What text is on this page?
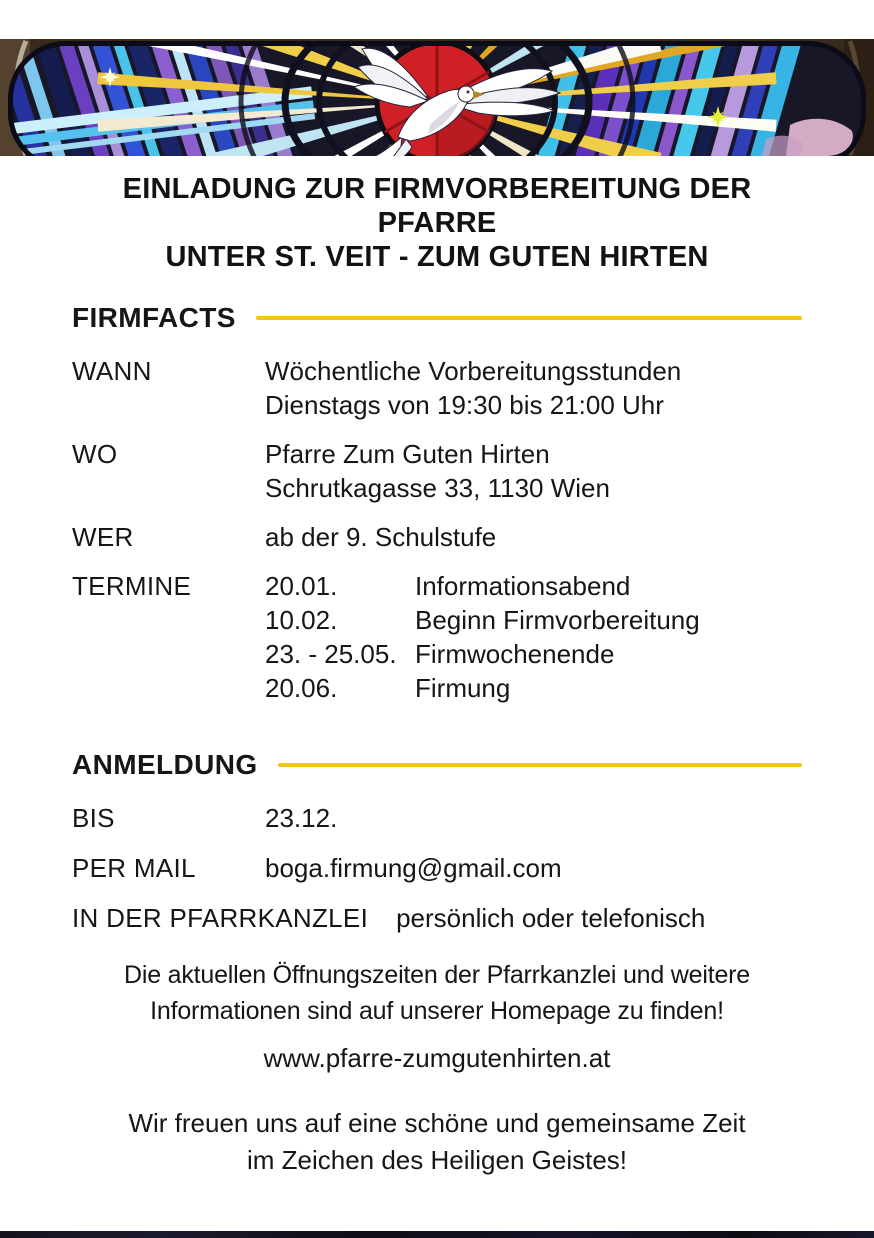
EINLADUNG ZUR FIRMVORBEREITUNG DER PFARRE
UNTER ST. VEIT - ZUM GUTEN HIRTEN
FIRMFACTS
WANN	Wöchentliche Vorbereitungsstunden
Dienstags von 19:30 bis 21:00 Uhr
WO	Pfarre Zum Guten Hirten
Schrutkagasse 33, 1130 Wien
WER	ab der 9. Schulstufe
TERMINE	20.01.	Informationsabend
10.02.	Beginn Firmvorbereitung
23. - 25.05. Firmwochenende
20.06.	Firmung
ANMELDUNG
BIS	23.12.
PER MAIL	boga.firmung@gmail.com
IN DER PFARRKANZLEI	persönlich oder telefonisch
Die aktuellen Öffnungszeiten der Pfarrkanzlei und weitere
Informationen sind auf unserer Homepage zu finden!
www.pfarre-zumgutenhirten.at
Wir freuen uns auf eine schöne und gemeinsame Zeit
im Zeichen des Heiligen Geistes!
